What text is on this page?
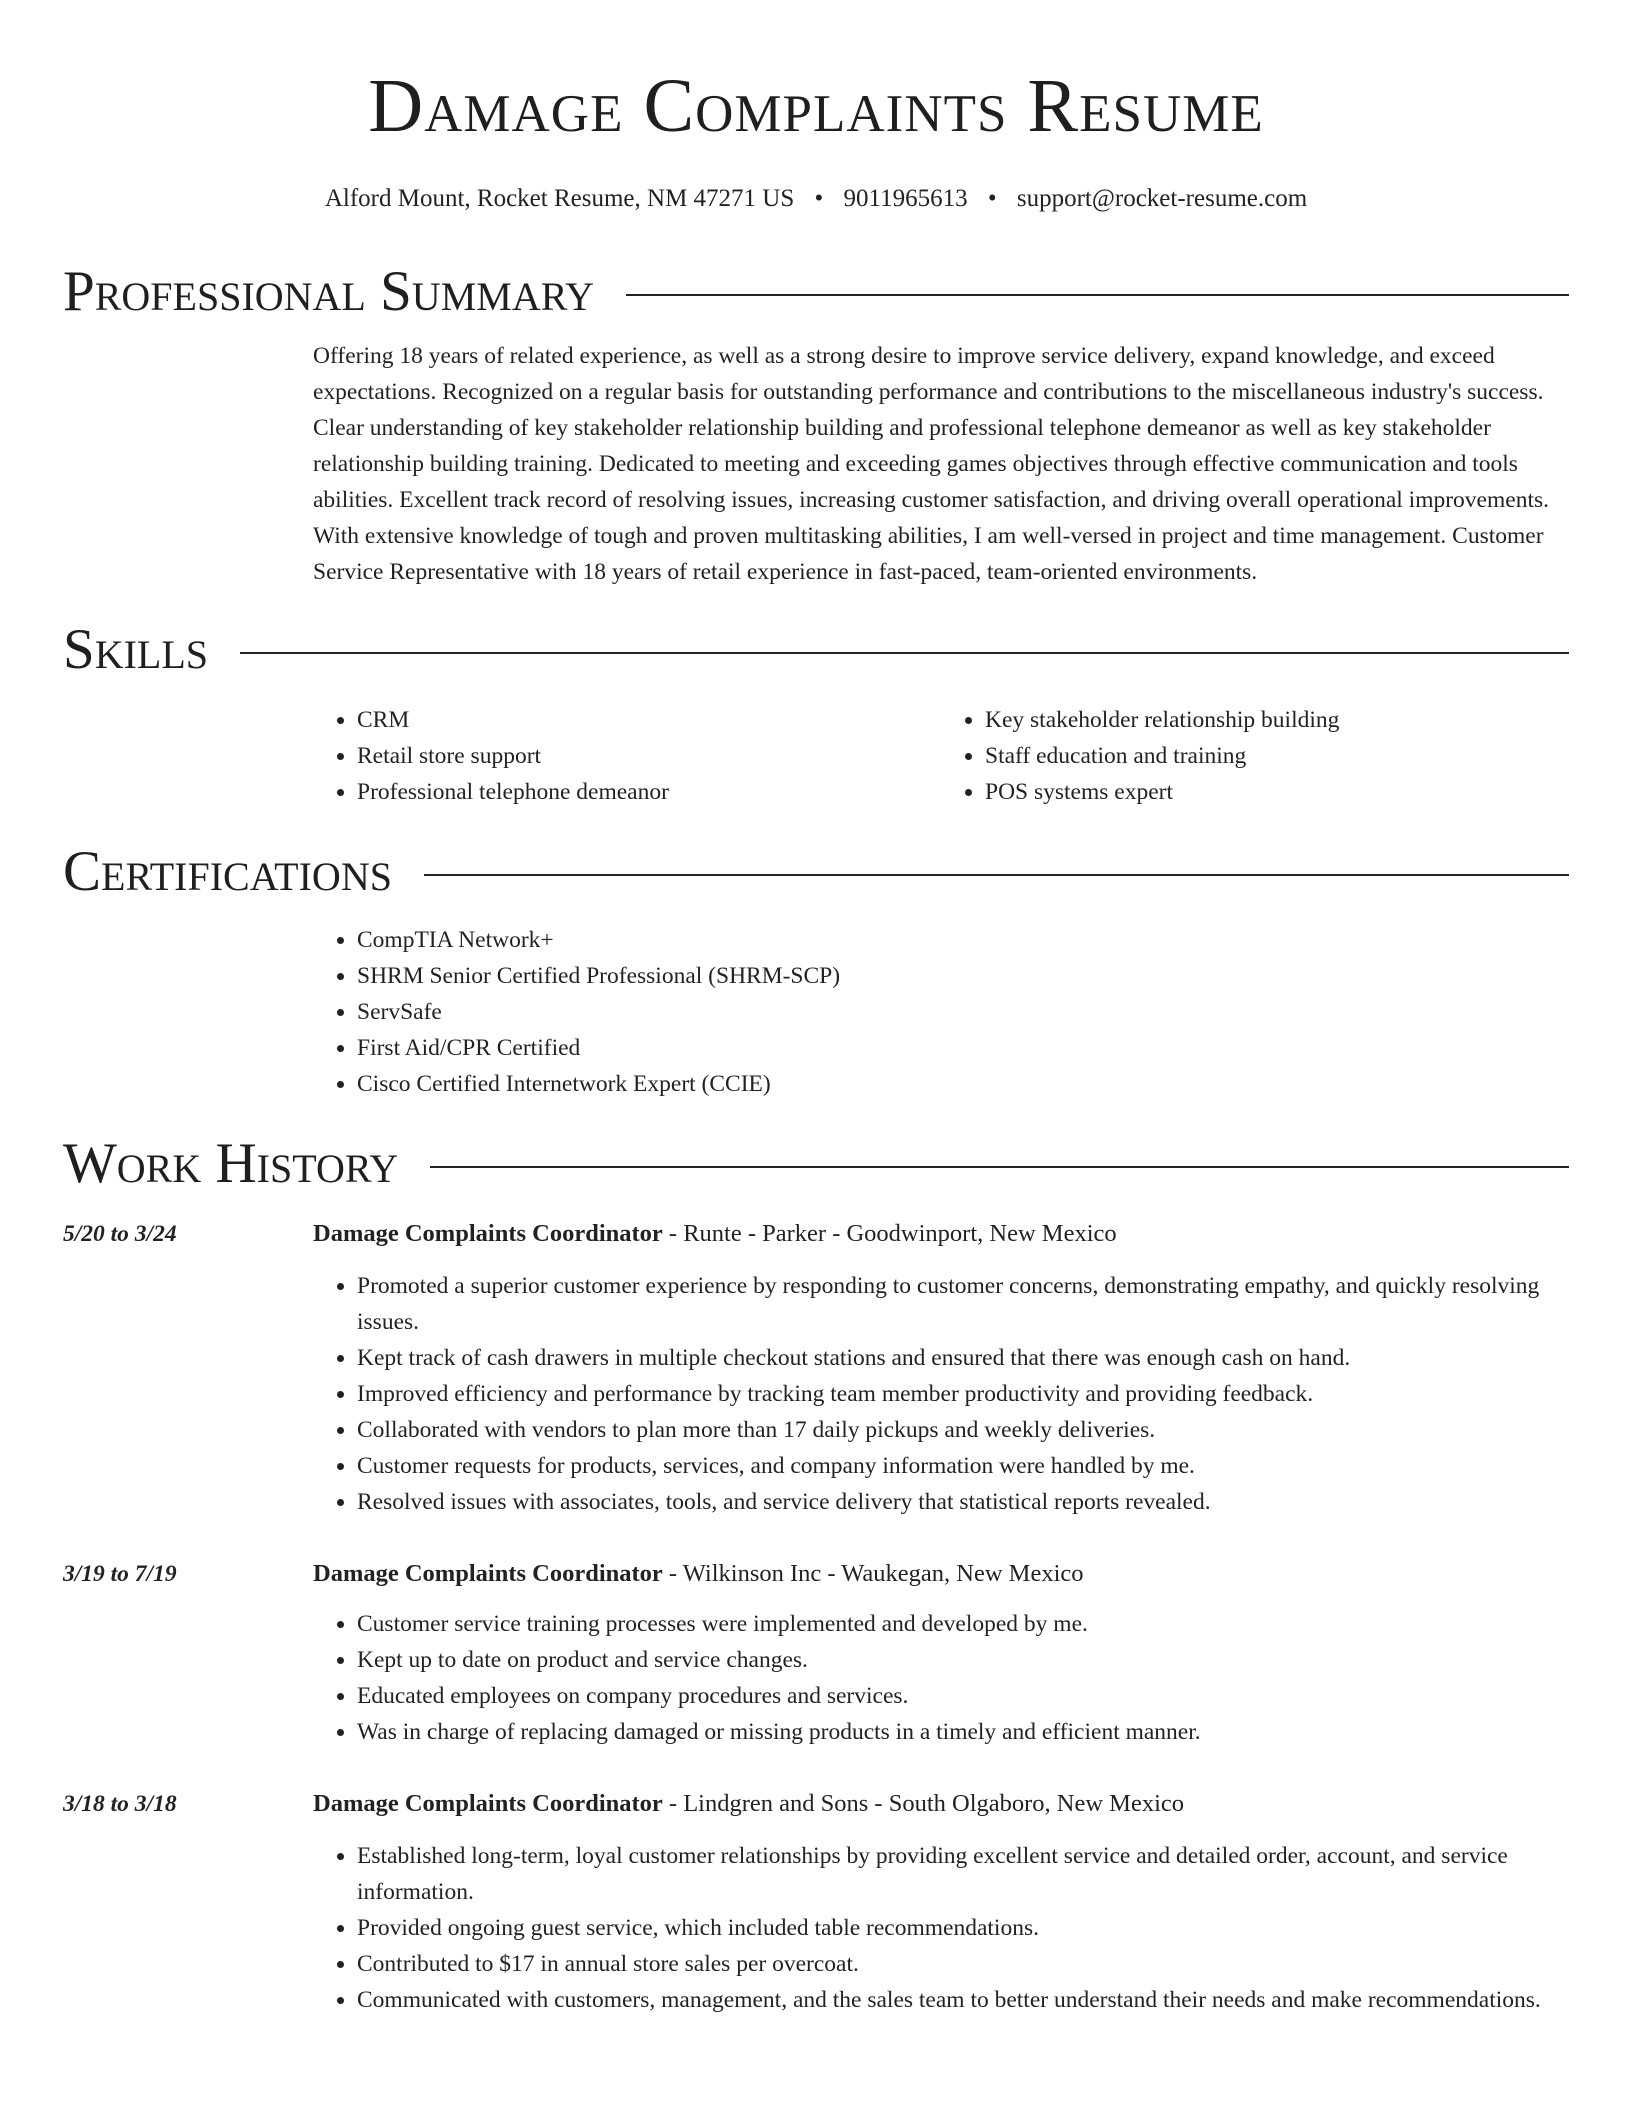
Damage Complaints Resume
Alford Mount, Rocket Resume, NM 47271 US • 9011965613 • support@rocket-resume.com
Professional Summary
Offering 18 years of related experience, as well as a strong desire to improve service delivery, expand knowledge, and exceed expectations. Recognized on a regular basis for outstanding performance and contributions to the miscellaneous industry's success. Clear understanding of key stakeholder relationship building and professional telephone demeanor as well as key stakeholder relationship building training. Dedicated to meeting and exceeding games objectives through effective communication and tools abilities. Excellent track record of resolving issues, increasing customer satisfaction, and driving overall operational improvements. With extensive knowledge of tough and proven multitasking abilities, I am well-versed in project and time management. Customer Service Representative with 18 years of retail experience in fast-paced, team-oriented environments.
Skills
• CRM
• Retail store support
• Professional telephone demeanor
• Key stakeholder relationship building
• Staff education and training
• POS systems expert
Certifications
• CompTIA Network+
• SHRM Senior Certified Professional (SHRM-SCP)
• ServSafe
• First Aid/CPR Certified
• Cisco Certified Internetwork Expert (CCIE)
Work History
5/20 to 3/24	Damage Complaints Coordinator - Runte - Parker - Goodwinport, New Mexico
• Promoted a superior customer experience by responding to customer concerns, demonstrating empathy, and quickly resolving issues.
• Kept track of cash drawers in multiple checkout stations and ensured that there was enough cash on hand.
• Improved efficiency and performance by tracking team member productivity and providing feedback.
• Collaborated with vendors to plan more than 17 daily pickups and weekly deliveries.
• Customer requests for products, services, and company information were handled by me.
• Resolved issues with associates, tools, and service delivery that statistical reports revealed.
3/19 to 7/19	Damage Complaints Coordinator - Wilkinson Inc - Waukegan, New Mexico
• Customer service training processes were implemented and developed by me.
• Kept up to date on product and service changes.
• Educated employees on company procedures and services.
• Was in charge of replacing damaged or missing products in a timely and efficient manner.
3/18 to 3/18	Damage Complaints Coordinator - Lindgren and Sons - South Olgaboro, New Mexico
• Established long-term, loyal customer relationships by providing excellent service and detailed order, account, and service information.
• Provided ongoing guest service, which included table recommendations.
• Contributed to $17 in annual store sales per overcoat.
• Communicated with customers, management, and the sales team to better understand their needs and make recommendations.
